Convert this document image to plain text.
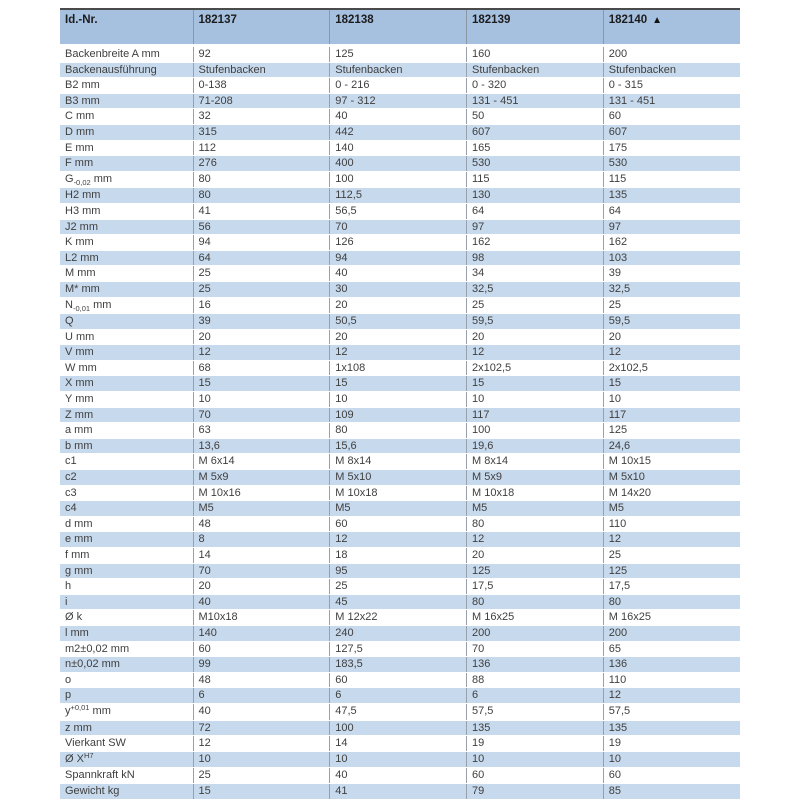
Id.-Nr.	182137	182138	182139	182140 ▲
Backenbreite A mm	92	125	160	200
Backenausführung	Stufenbacken	Stufenbacken	Stufenbacken	Stufenbacken
B2 mm	0-138	0 - 216	0 - 320	0 - 315
B3 mm	71-208	97 - 312	131 - 451	131 - 451
C mm	32	40	50	60
D mm	315	442	607	607
E mm	112	140	165	175
F mm	276	400	530	530
$G_{-0,02}$ mm	80	100	115	115
H2 mm	80	112,5	130	135
H3 mm	41	56,5	64	64
J2 mm	56	70	97	97
K mm	94	126	162	162
L2 mm	64	94	98	103
M mm	25	40	34	39
M* mm	25	30	32,5	32,5
$N_{-0,01}$ mm	16	20	25	25
Q	39	50,5	59,5	59,5
U mm	20	20	20	20
V mm	12	12	12	12
W mm	68	1x108	2x102,5	2x102,5
X mm	15	15	15	15
Y mm	10	10	10	10
Z mm	70	109	117	117
a mm	63	80	100	125
b mm	13,6	15,6	19,6	24,6
c1	M 6x14	M 8x14	M 8x14	M 10x15
c2	M 5x9	M 5x10	M 5x9	M 5x10
c3	M 10x16	M 10x18	M 10x18	M 14x20
c4	M5	M5	M5	M5
d mm	48	60	80	110
e mm	8	12	12	12
f mm	14	18	20	25
g mm	70	95	125	125
h	20	25	17,5	17,5
i	40	45	80	80
Ø k	M10x18	M 12x22	M 16x25	M 16x25
l mm	140	240	200	200
m2±0,02 mm	60	127,5	70	65
n±0,02 mm	99	183,5	136	136
o	48	60	88	110
p	6	6	6	12
$y^{+0,01}$ mm	40	47,5	57,5	57,5
z mm	72	100	135	135
Vierkant SW	12	14	19	19
Ø $X^{H7}$	10	10	10	10
Spannkraft kN	25	40	60	60
Gewicht kg	15	41	79	85
